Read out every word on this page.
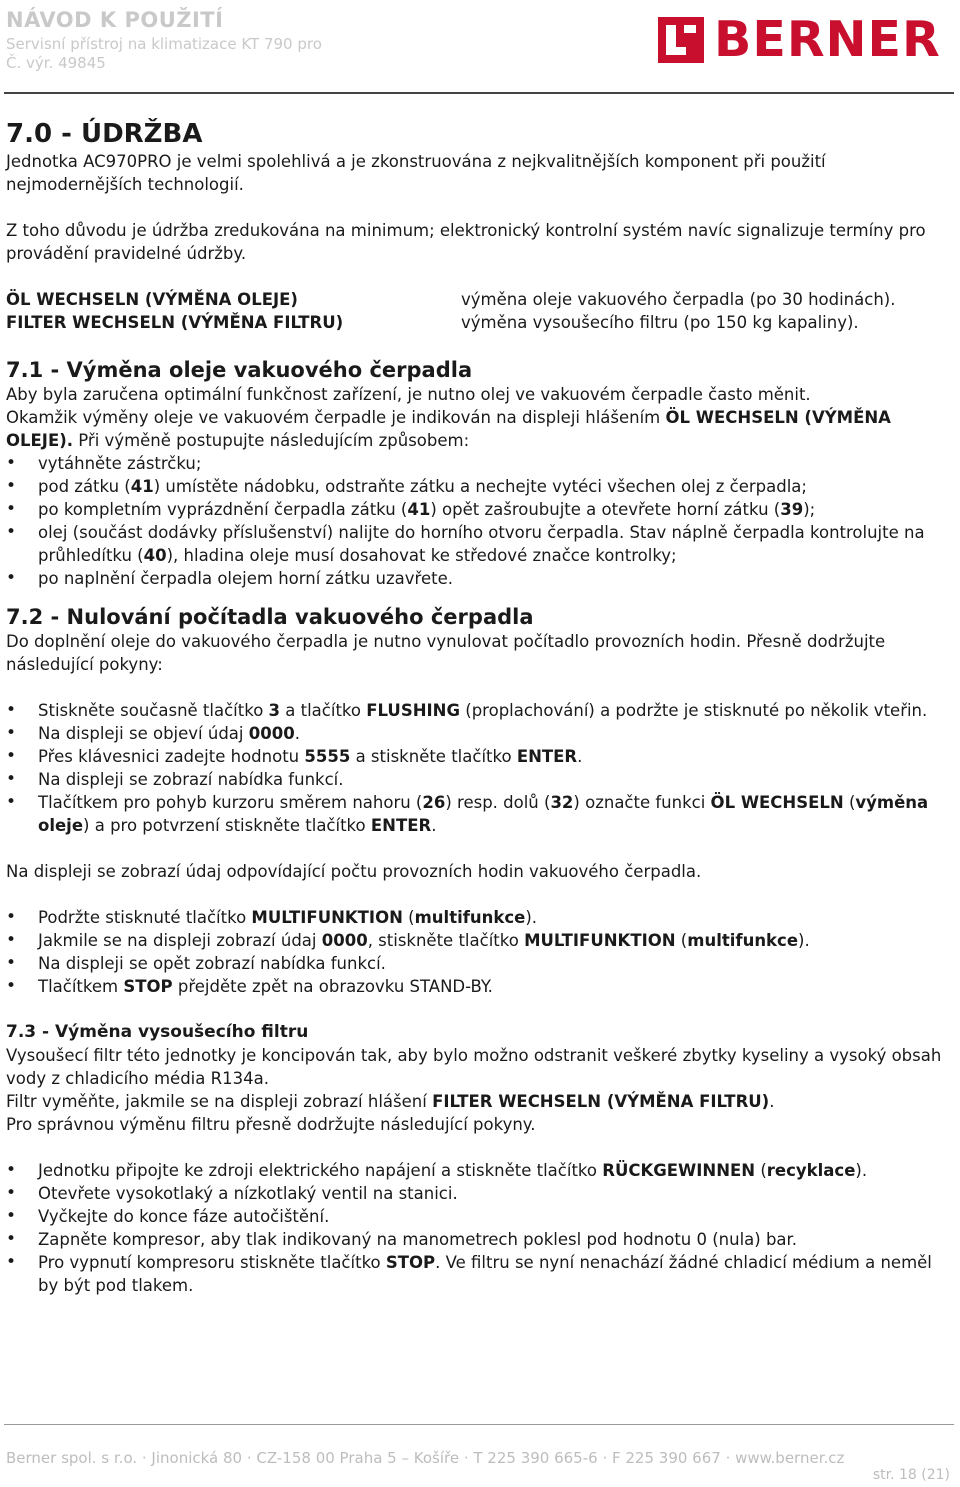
NÁVOD K POUŽITÍ
Servisní přístroj na klimatizace KT 790 pro
Č. výr. 49845	BERNER
7.0 - ÚDRŽBA

Jednotka AC970PRO je velmi spolehlivá a je zkonstruována z nejkvalitnějších komponent při použití nejmodernějších technologií.

Z toho důvodu je údržba zredukována na minimum; elektronický kontrolní systém navíc signalizuje termíny pro provádění pravidelné údržby.

ÖL WECHSELN (VÝMĚNA OLEJE)	výměna oleje vakuového čerpadla (po 30 hodinách).
FILTER WECHSELN (VÝMĚNA FILTRU)	výměna vysoušecího filtru (po 150 kg kapaliny).
7.1 - Výměna oleje vakuového čerpadla

Aby byla zaručena optimální funkčnost zařízení, je nutno olej ve vakuovém čerpadle často měnit.

Okamžik výměny oleje ve vakuovém čerpadle je indikován na displeji hlášením ÖL WECHSELN (VÝMĚNA OLEJE). Při výměně postupujte následujícím způsobem:

• vytáhněte zástrčku;
• pod zátku (41) umístěte nádobku, odstraňte zátku a nechejte vytéci všechen olej z čerpadla;
• po kompletním vyprázdnění čerpadla zátku (41) opět zašroubujte a otevřete horní zátku (39);
• olej (součást dodávky příslušenství) nalijte do horního otvoru čerpadla. Stav náplně čerpadla kontrolujte na průhledítku (40), hladina oleje musí dosahovat ke středové značce kontrolky;
• po naplnění čerpadla olejem horní zátku uzavřete.
7.2 - Nulování počítadla vakuového čerpadla

Do doplnění oleje do vakuového čerpadla je nutno vynulovat počítadlo provozních hodin. Přesně dodržujte následující pokyny:

• Stiskněte současně tlačítko 3 a tlačítko FLUSHING (proplachování) a podržte je stisknuté po několik vteřin.
• Na displeji se objeví údaj 0000.
• Přes klávesnici zadejte hodnotu 5555 a stiskněte tlačítko ENTER.
• Na displeji se zobrazí nabídka funkcí.
• Tlačítkem pro pohyb kurzoru směrem nahoru (26) resp. dolů (32) označte funkci ÖL WECHSELN (výměna oleje) a pro potvrzení stiskněte tlačítko ENTER.

Na displeji se zobrazí údaj odpovídající počtu provozních hodin vakuového čerpadla.

• Podržte stisknuté tlačítko MULTIFUNKTION (multifunkce).
• Jakmile se na displeji zobrazí údaj 0000, stiskněte tlačítko MULTIFUNKTION (multifunkce).
• Na displeji se opět zobrazí nabídka funkcí.
• Tlačítkem STOP přejděte zpět na obrazovku STAND-BY.
7.3 - Výměna vysoušecího filtru

Vysoušecí filtr této jednotky je koncipován tak, aby bylo možno odstranit veškeré zbytky kyseliny a vysoký obsah vody z chladicího média R134a.

Filtr vyměňte, jakmile se na displeji zobrazí hlášení FILTER WECHSELN (VÝMĚNA FILTRU).

Pro správnou výměnu filtru přesně dodržujte následující pokyny.

• Jednotku připojte ke zdroji elektrického napájení a stiskněte tlačítko RÜCKGEWINNEN (recyklace).
• Otevřete vysokotlaký a nízkotlaký ventil na stanici.
• Vyčkejte do konce fáze autočištění.
• Zapněte kompresor, aby tlak indikovaný na manometrech poklesl pod hodnotu 0 (nula) bar.
• Pro vypnutí kompresoru stiskněte tlačítko STOP. Ve filtru se nyní nenachází žádné chladicí médium a neměl by být pod tlakem.
Berner spol. s r.o. · Jinonická 80 · CZ-158 00 Praha 5 – Košíře · T 225 390 665-6 · F 225 390 667 · www.berner.cz
str. 18 (21)
